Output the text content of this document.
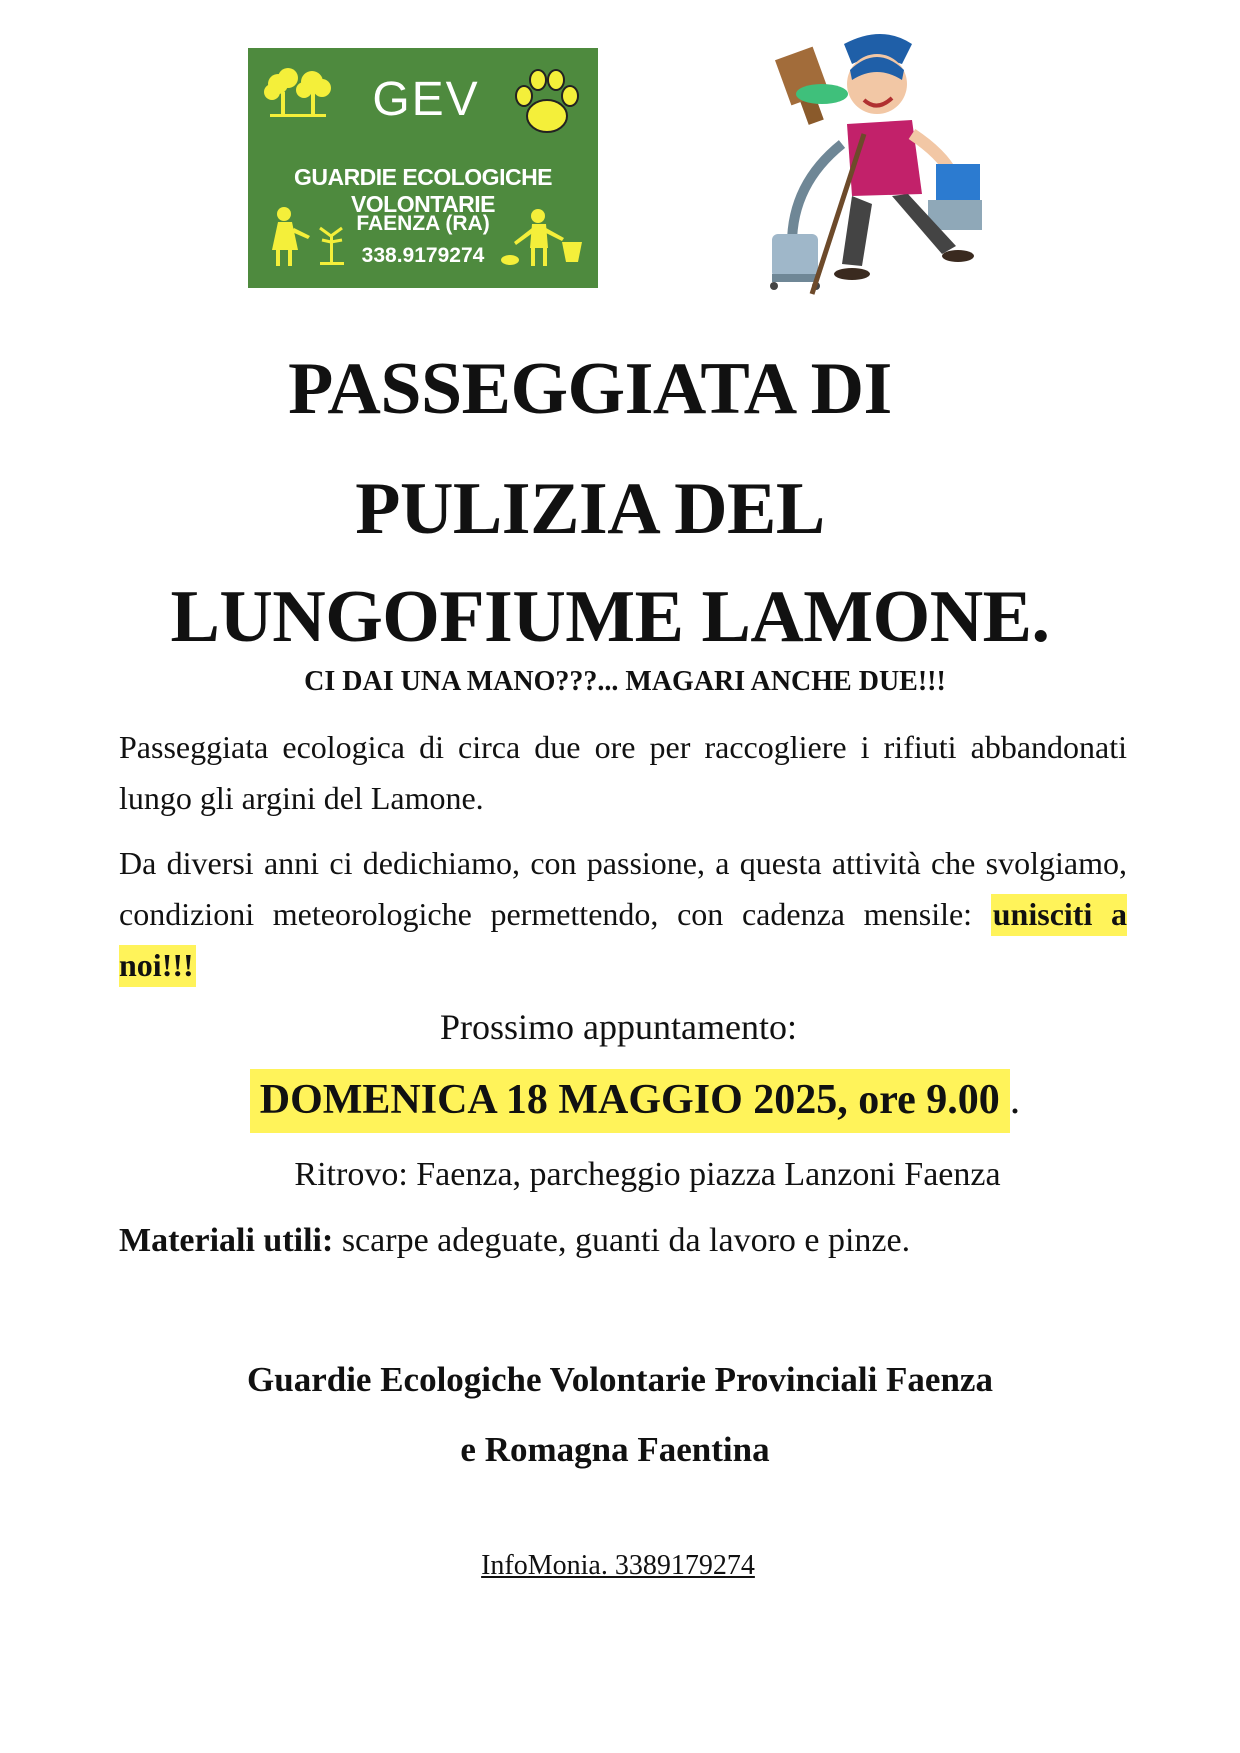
GEV
GUARDIE ECOLOGICHE VOLONTARIE
FAENZA (RA)
338.9179274
PASSEGGIATA DI
PULIZIA DEL
LUNGOFIUME LAMONE.
CI DAI UNA MANO???... MAGARI ANCHE DUE!!!
Passeggiata ecologica di circa due ore per raccogliere i rifiuti abbandonati lungo gli argini del Lamone.
Da diversi anni ci dedichiamo, con passione, a questa attività che svolgiamo, condizioni meteorologiche permettendo, con cadenza mensile: unisciti a noi!!!
Prossimo appuntamento:
DOMENICA 18 MAGGIO 2025, ore 9.00 .
Ritrovo: Faenza, parcheggio piazza Lanzoni Faenza
Materiali utili: scarpe adeguate, guanti da lavoro e pinze.
Guardie Ecologiche Volontarie Provinciali Faenza
e Romagna Faentina
InfoMonia. 3389179274
